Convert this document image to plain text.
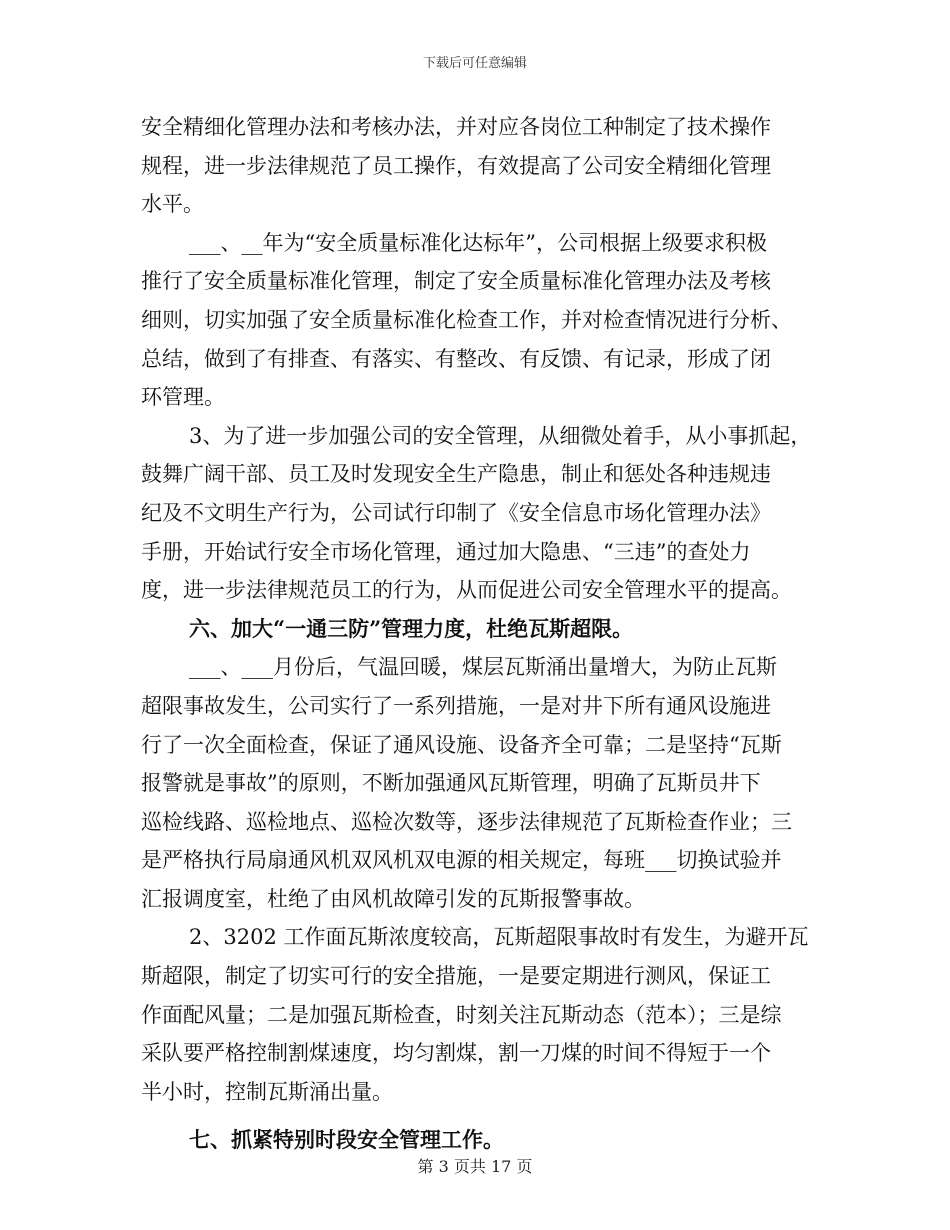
下载后可任意编辑
安全精细化管理办法和考核办法，并对应各岗位工种制定了技术操作
规程，进一步法律规范了员工操作，有效提高了公司安全精细化管理
水平。
___、__年为“安全质量标准化达标年”，公司根据上级要求积极
推行了安全质量标准化管理，制定了安全质量标准化管理办法及考核
细则，切实加强了安全质量标准化检查工作，并对检查情况进行分析、
总结，做到了有排查、有落实、有整改、有反馈、有记录，形成了闭
环管理。
3、为了进一步加强公司的安全管理，从细微处着手，从小事抓起，
鼓舞广阔干部、员工及时发现安全生产隐患，制止和惩处各种违规违
纪及不文明生产行为，公司试行印制了《安全信息市场化管理办法》
手册，开始试行安全市场化管理，通过加大隐患、“三违”的查处力
度，进一步法律规范员工的行为，从而促进公司安全管理水平的提高。
六、加大“一通三防”管理力度，杜绝瓦斯超限。
___、___月份后，气温回暖，煤层瓦斯涌出量增大，为防止瓦斯
超限事故发生，公司实行了一系列措施，一是对井下所有通风设施进
行了一次全面检查，保证了通风设施、设备齐全可靠；二是坚持“瓦斯
报警就是事故”的原则，不断加强通风瓦斯管理，明确了瓦斯员井下
巡检线路、巡检地点、巡检次数等，逐步法律规范了瓦斯检查作业；三
是严格执行局扇通风机双风机双电源的相关规定，每班___切换试验并
汇报调度室，杜绝了由风机故障引发的瓦斯报警事故。
2、3202 工作面瓦斯浓度较高，瓦斯超限事故时有发生，为避开瓦
斯超限，制定了切实可行的安全措施，一是要定期进行测风，保证工
作面配风量；二是加强瓦斯检查，时刻关注瓦斯动态（范本）；三是综
采队要严格控制割煤速度，均匀割煤，割一刀煤的时间不得短于一个
半小时，控制瓦斯涌出量。
七、抓紧特别时段安全管理工作。
第 3 页共 17 页
